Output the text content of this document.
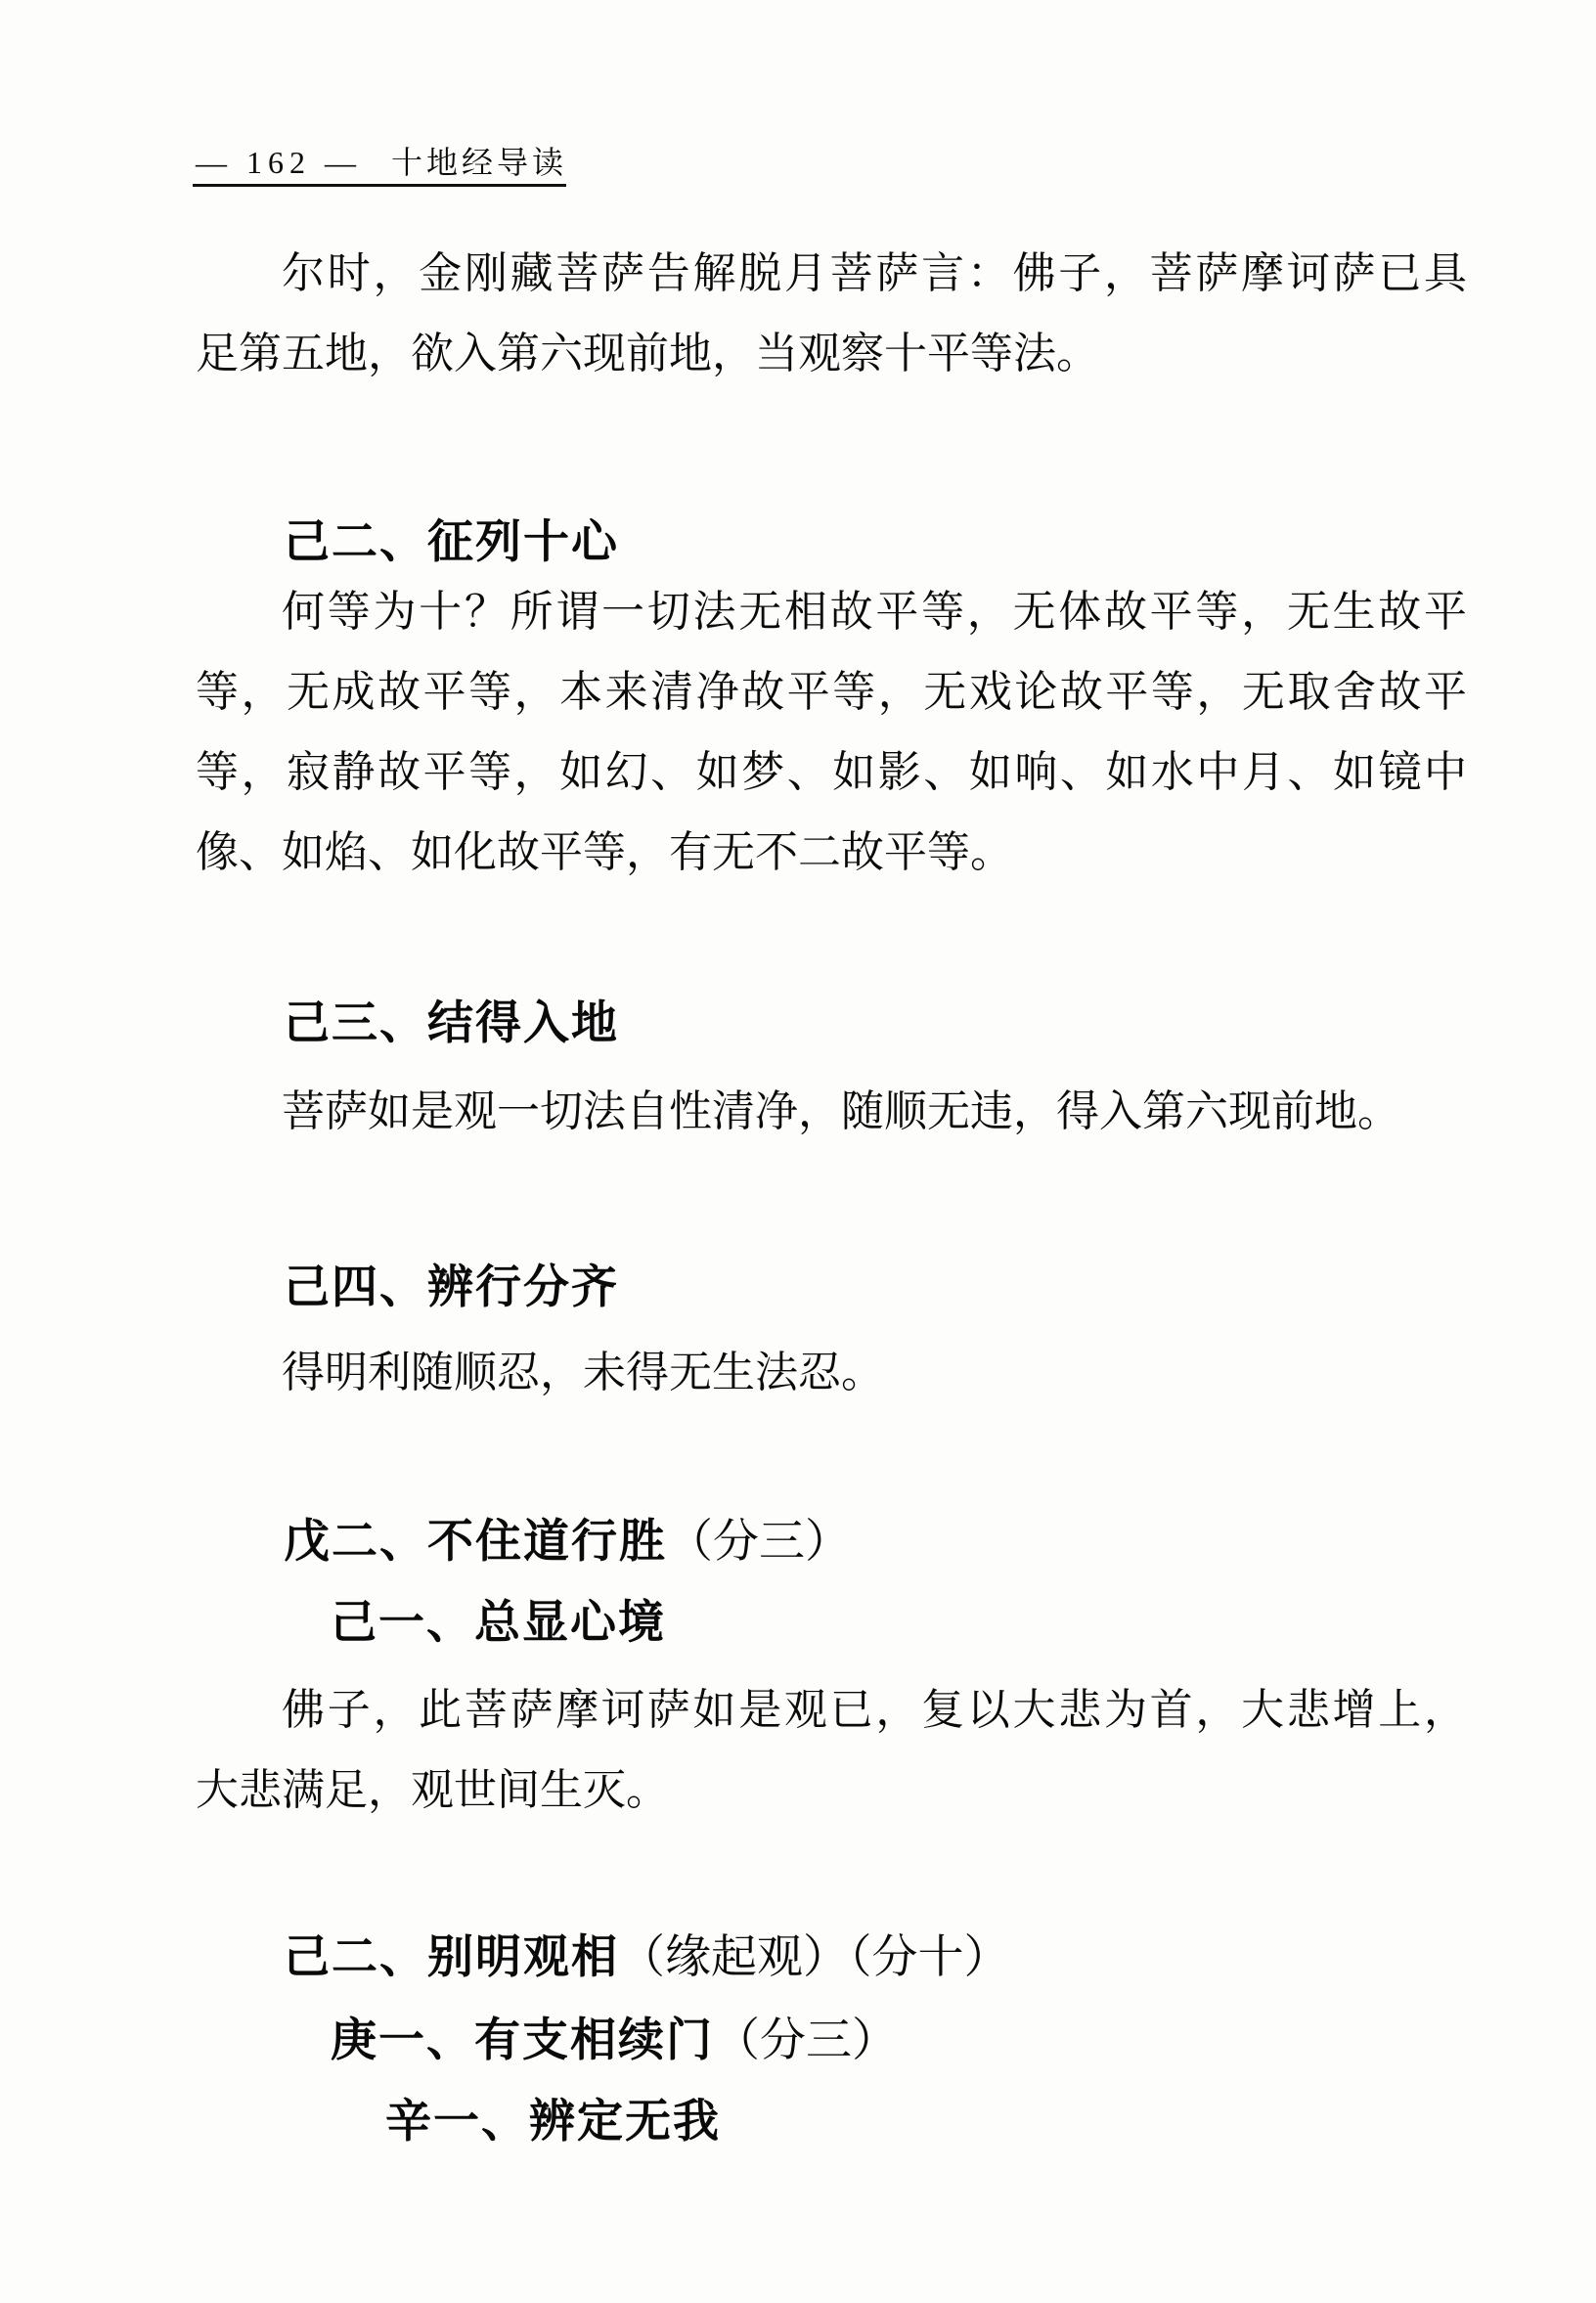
— 162 — 十地经导读
尔时，金刚藏菩萨告解脱月菩萨言：佛子，菩萨摩诃萨已具
足第五地，欲入第六现前地，当观察十平等法。
己二、征列十心
何等为十？所谓一切法无相故平等，无体故平等，无生故平
等，无成故平等，本来清净故平等，无戏论故平等，无取舍故平
等，寂静故平等，如幻、如梦、如影、如响、如水中月、如镜中
像、如焰、如化故平等，有无不二故平等。
己三、结得入地
菩萨如是观一切法自性清净，随顺无违，得入第六现前地。
己四、辨行分齐
得明利随顺忍，未得无生法忍。
戊二、不住道行胜（分三）
己一、总显心境
佛子，此菩萨摩诃萨如是观已，复以大悲为首，大悲增上，
大悲满足，观世间生灭。
己二、别明观相（缘起观）（分十）
庚一、有支相续门（分三）
辛一、辨定无我
